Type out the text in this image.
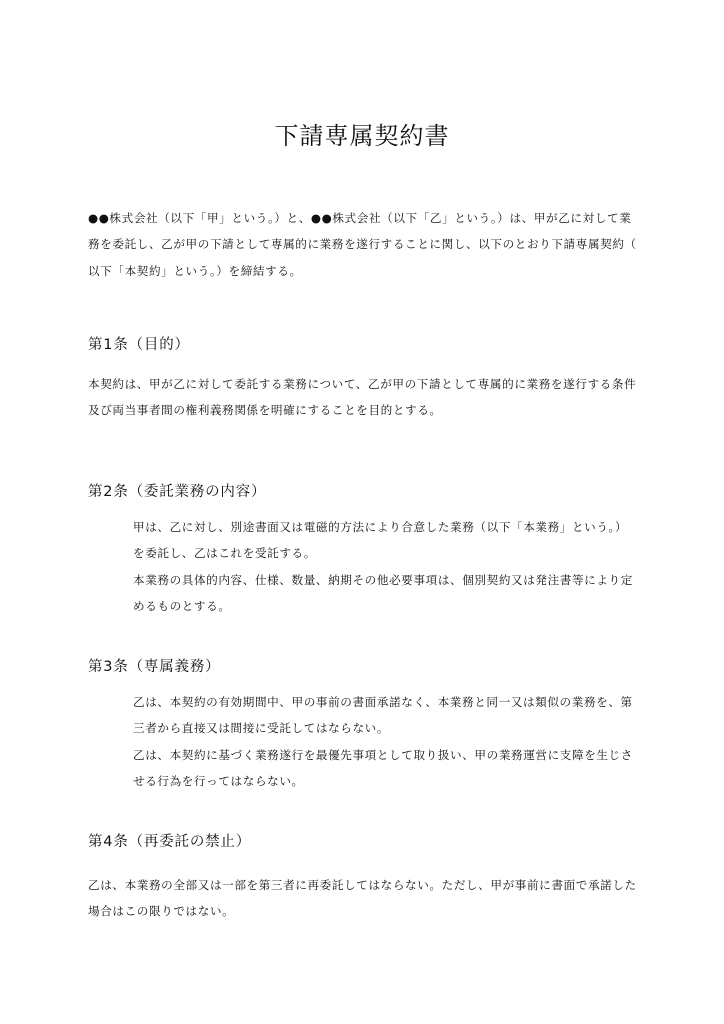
下請専属契約書
●●株式会社（以下「甲」という。）と、●●株式会社（以下「乙」という。）は、甲が乙に対して業
務を委託し、乙が甲の下請として専属的に業務を遂行することに関し、以下のとおり下請専属契約（
以下「本契約」という。）を締結する。
第1条（目的）
本契約は、甲が乙に対して委託する業務について、乙が甲の下請として専属的に業務を遂行する条件
及び両当事者間の権利義務関係を明確にすることを目的とする。
第2条（委託業務の内容）
甲は、乙に対し、別途書面又は電磁的方法により合意した業務（以下「本業務」という。）
を委託し、乙はこれを受託する。
本業務の具体的内容、仕様、数量、納期その他必要事項は、個別契約又は発注書等により定
めるものとする。
第3条（専属義務）
乙は、本契約の有効期間中、甲の事前の書面承諾なく、本業務と同一又は類似の業務を、第
三者から直接又は間接に受託してはならない。
乙は、本契約に基づく業務遂行を最優先事項として取り扱い、甲の業務運営に支障を生じさ
せる行為を行ってはならない。
第4条（再委託の禁止）
乙は、本業務の全部又は一部を第三者に再委託してはならない。ただし、甲が事前に書面で承諾した
場合はこの限りではない。
